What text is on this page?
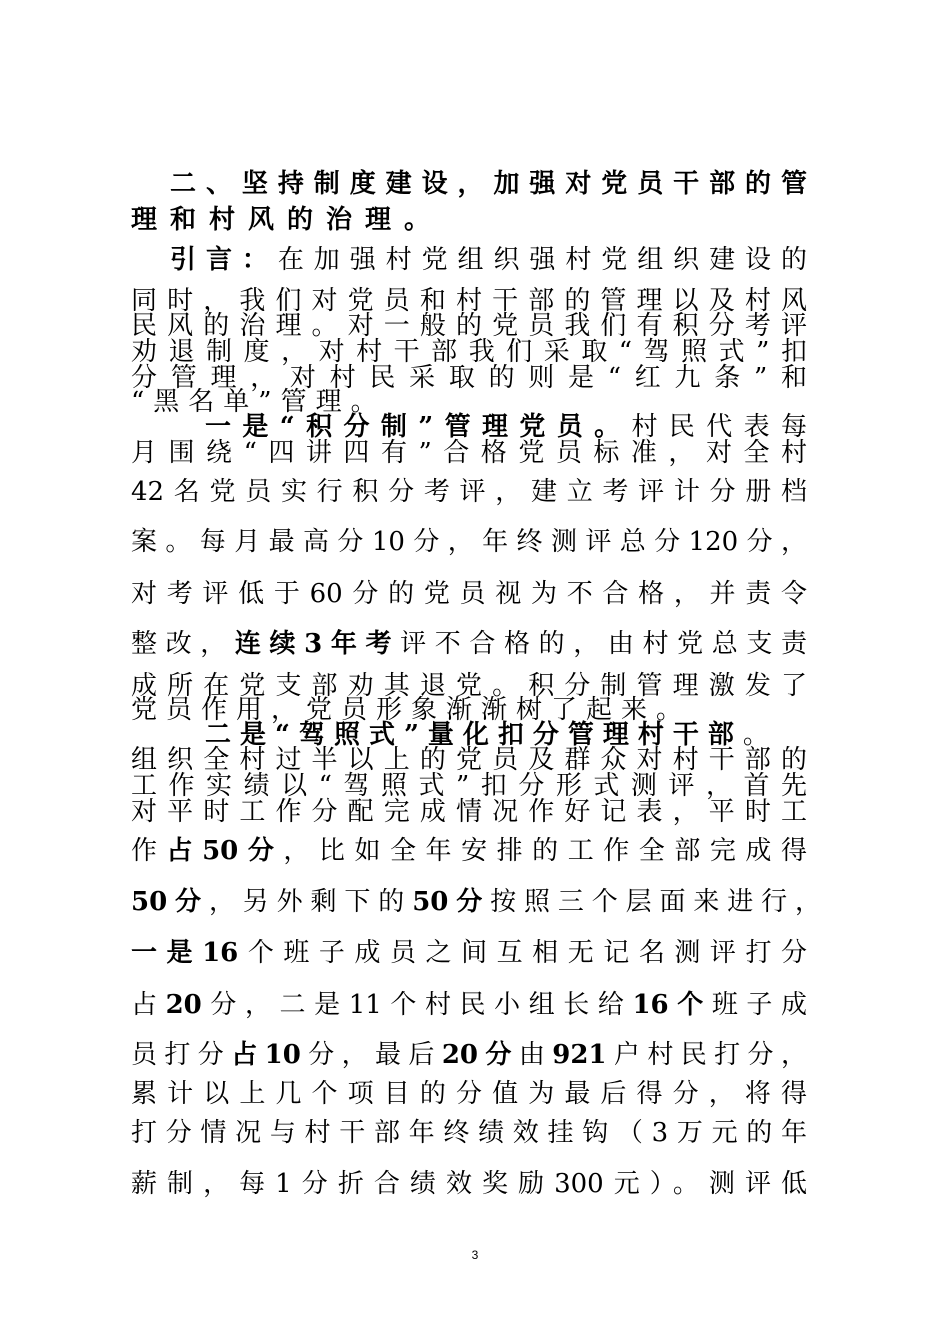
二、坚持制度建设，加强对党员干部的管
理和村风的治理。
引言：在加强村党组织强村党组织建设的
同时，我们对党员和村干部的管理以及村风
民风的治理。对一般的党员我们有积分考评
劝退制度，对村干部我们采取“驾照式”扣
分管理，对村民采取的则是“红九条”和
“黑名单”管理。
一是“积分制”管理党员。村民代表每
月围绕“四讲四有”合格党员标准，对全村
42名党员实行积分考评，建立考评计分册档
案。每月最高分10分，年终测评总分120分，
对考评低于60分的党员视为不合格，并责令
整改，连续3年考评不合格的，由村党总支责
成所在党支部劝其退党。积分制管理激发了
党员作用，党员形象渐渐树了起来。
二是“驾照式”量化扣分管理村干部。
组织全村过半以上的党员及群众对村干部的
工作实绩以“驾照式”扣分形式测评，首先
对平时工作分配完成情况作好记表，平时工
作占50分，比如全年安排的工作全部完成得
50分，另外剩下的50分按照三个层面来进行，
一是16个班子成员之间互相无记名测评打分
占20分，二是11个村民小组长给16个班子成
员打分占10分，最后20分由921户村民打分，
累计以上几个项目的分值为最后得分，将得
打分情况与村干部年终绩效挂钩（3万元的年
薪制，每1分折合绩效奖励300元）。测评低
3
